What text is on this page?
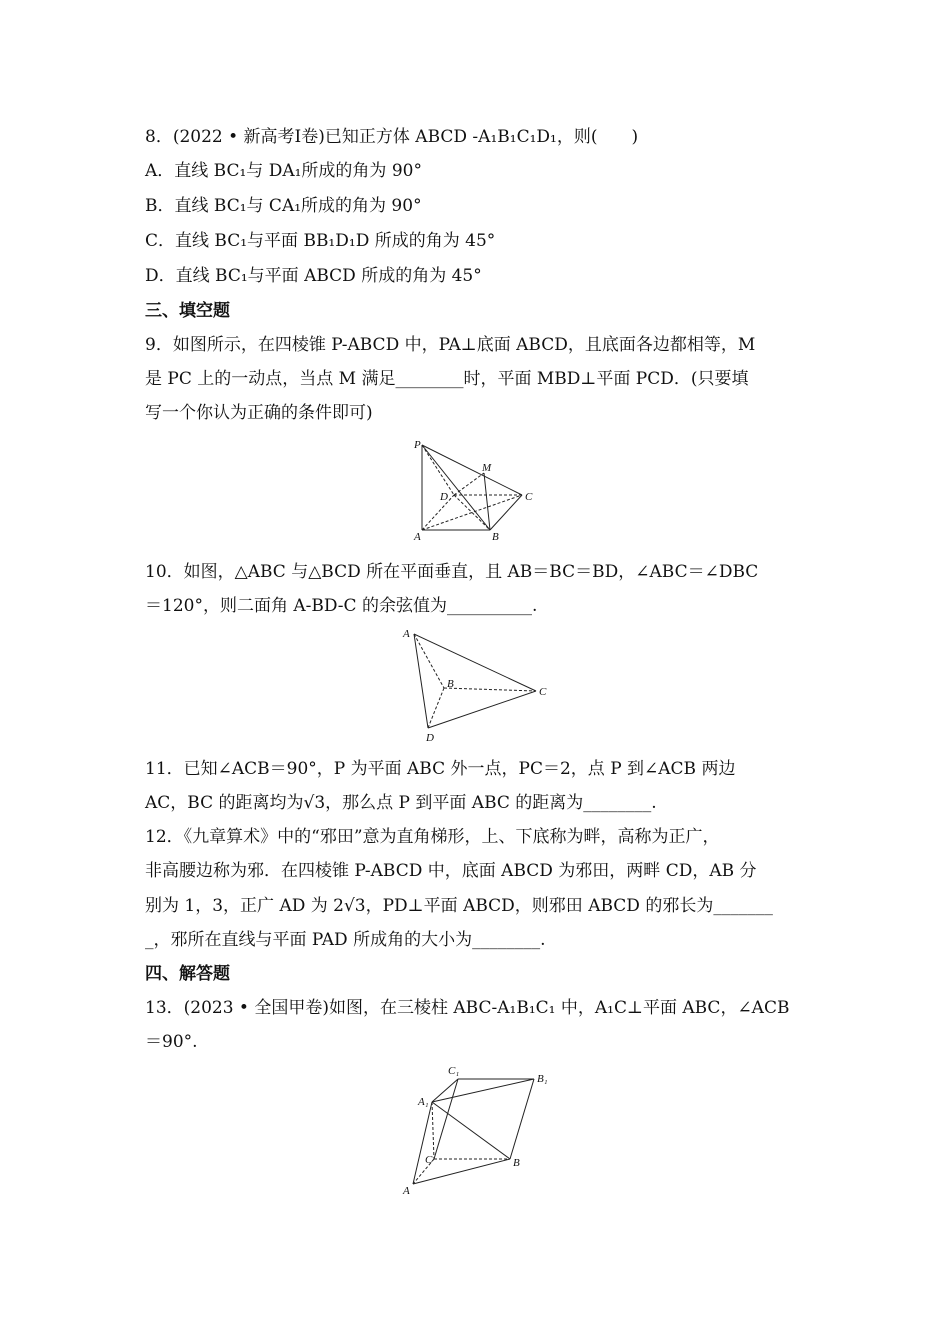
8．(2022 • 新高考Ⅰ卷)已知正方体 ABCD -A₁B₁C₁D₁，则(　　)
A．直线 BC₁与 DA₁所成的角为 90°
B．直线 BC₁与 CA₁所成的角为 90°
C．直线 BC₁与平面 BB₁D₁D 所成的角为 45°
D．直线 BC₁与平面 ABCD 所成的角为 45°
三、填空题
9．如图所示，在四棱锥 P-ABCD 中，PA⊥底面 ABCD，且底面各边都相等，M
是 PC 上的一动点，当点 M 满足________时，平面 MBD⊥平面 PCD．(只要填
写一个你认为正确的条件即可)
P
M
D	C
A	B
10．如图，△ABC 与△BCD 所在平面垂直，且 AB＝BC＝BD，∠ABC＝∠DBC
＝120°，则二面角 A-BD-C 的余弦值为__________.
A
B
C
D
11．已知∠ACB＝90°，P 为平面 ABC 外一点，PC＝2，点 P 到∠ACB 两边
AC，BC 的距离均为√3，那么点 P 到平面 ABC 的距离为________.
12．《九章算术》中的“邪田”意为直角梯形，上、下底称为畔，高称为正广，
非高腰边称为邪．在四棱锥 P-ABCD 中，底面 ABCD 为邪田，两畔 CD，AB 分
别为 1，3，正广 AD 为 2√3，PD⊥平面 ABCD，则邪田 ABCD 的邪长为_______
_，邪所在直线与平面 PAD 所成角的大小为________.
四、解答题
13．(2023 • 全国甲卷)如图，在三棱柱 ABC-A₁B₁C₁ 中，A₁C⊥平面 ABC，∠ACB
＝90°.
C₁
B₁
A₁
C	B
A
